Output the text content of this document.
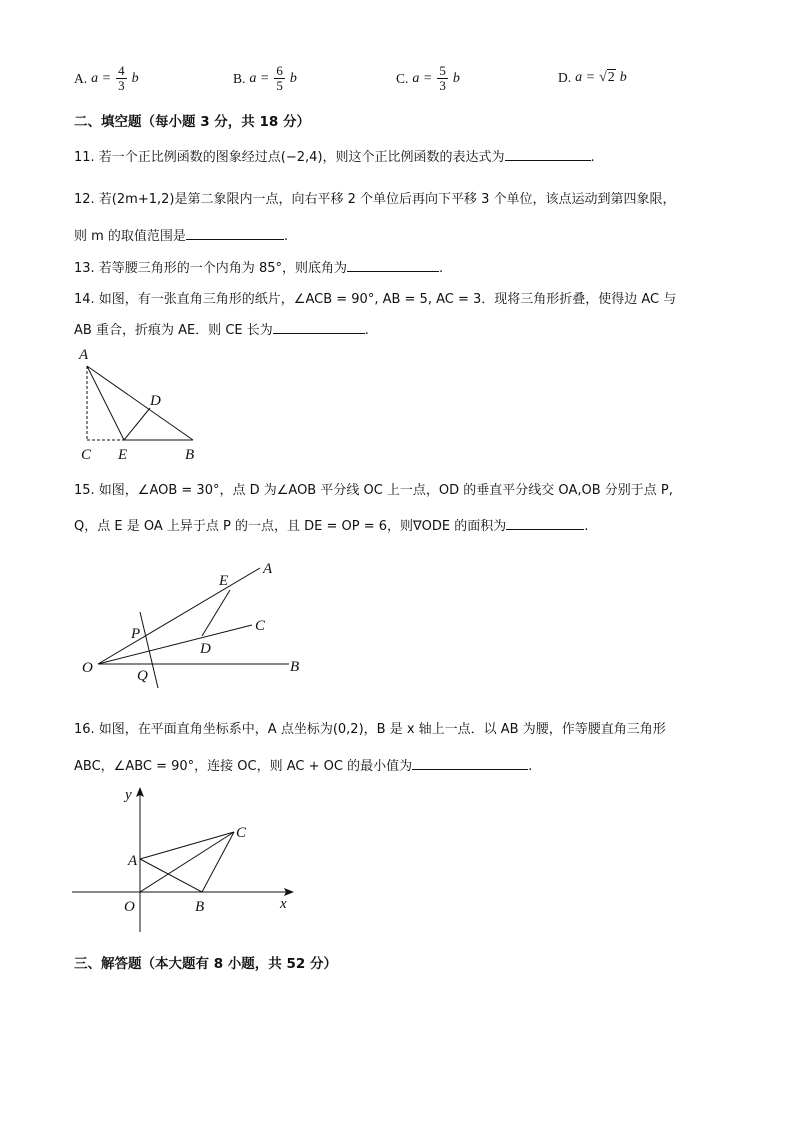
A. $a = \frac{4}{3}$ b	B. $a = \frac{6}{5}$ b	C. $a = \frac{5}{3}$ b	D. a = √2 b
二、填空题（每小题 3 分，共 18 分）
11. 若一个正比例函数的图象经过点(−2,4)，则这个正比例函数的表达式为	.
12. 若(2m+1,2)是第二象限内一点，向右平移 2 个单位后再向下平移 3 个单位，该点运动到第四象限，
则 m 的取值范围是	.
13. 若等腰三角形的一个内角为 85°，则底角为	.
14. 如图，有一张直角三角形的纸片，∠ACB = 90°, AB = 5, AC = 3．现将三角形折叠，使得边 AC 与
AB 重合，折痕为 AE．则 CE 长为	.
A
D
C E	B
15. 如图，∠AOB = 30°，点 D 为∠AOB 平分线 OC 上一点，OD 的垂直平分线交 OA,OB 分别于点 P,
Q，点 E 是 OA 上异于点 P 的一点，且 DE = OP = 6，则∇ODE 的面积为	.
E
A
C
P
D
O	Q
B
16. 如图，在平面直角坐标系中，A 点坐标为(0,2)，B 是 x 轴上一点．以 AB 为腰，作等腰直角三角形
ABC，∠ABC = 90°，连接 OC，则 AC + OC 的最小值为	.
y
C
A
O	B	x
三、解答题（本大题有 8 小题，共 52 分）
